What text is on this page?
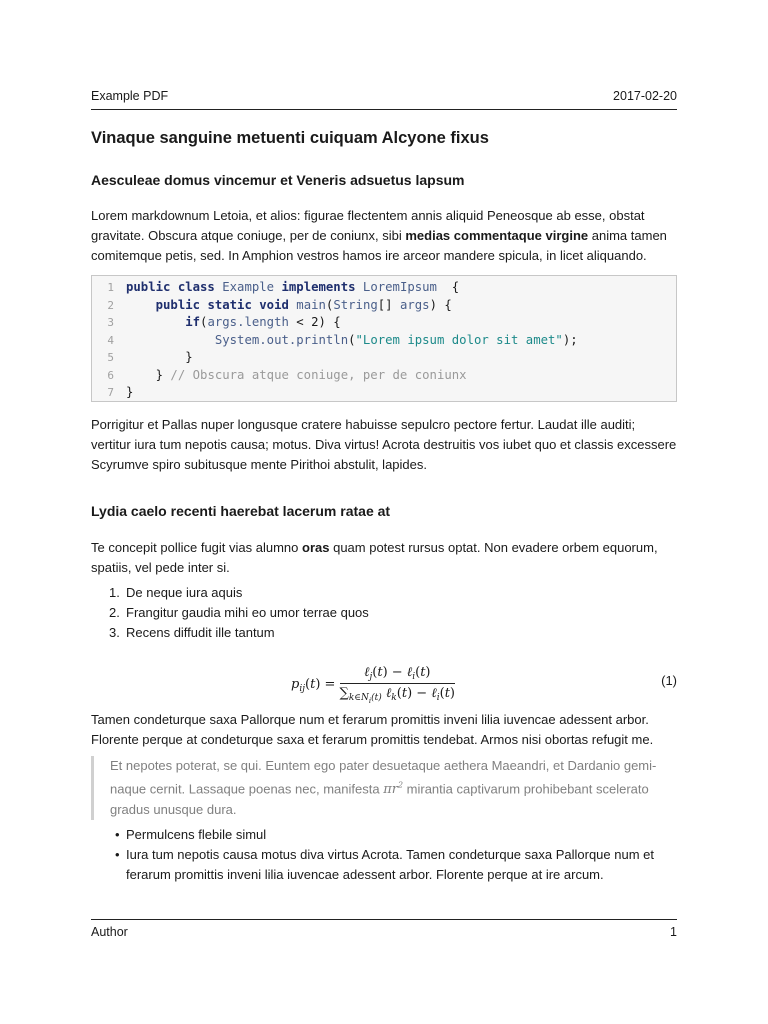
Example PDF	2017-02-20
Vinaque sanguine metuenti cuiquam Alcyone fixus
Aesculeae domus vincemur et Veneris adsuetus lapsum

Lorem markdownum Letoia, et alios: figurae flectentem annis aliquid Peneosque ab esse, obstat gravitate. Obscura atque coniuge, per de coniunx, sibi medias commentaque virgine anima tamen comitemque petis, sed. In Amphion vestros hamos ire arceor mandere spicula, in licet aliquando.

1 public class Example implements LoremIpsum  {
2	public static void main(String[] args) {
3	if(args.length < 2) {
4	System.out.println("Lorem ipsum dolor sit amet");
5        }
6    } // Obscura atque coniuge, per de coniunx
7 }

Porrigitur et Pallas nuper longusque cratere habuisse sepulcro pectore fertur. Laudat ille auditi; vertitur iura tum nepotis causa; motus. Diva virtus! Acrota destruitis vos iubet quo et classis excessere Scyrumve spiro subitusque mente Pirithoi abstulit, lapides.

Lydia caelo recenti haerebat lacerum ratae at

Te concepit pollice fugit vias alumno oras quam potest rursus optat. Non evadere orbem equorum, spatiis, vel pede inter si.

1. De neque iura aquis
2. Frangitur gaudia mihi eo umor terrae quos
3. Recens diffudit ille tantum
$p_{ij}(t) = \frac{\ell_j(t) - \ell_i(t)}{\sum_{k\in N_i(t)} \ell_k(t) - \ell_i(t)}$	(1)

Tamen condeturque saxa Pallorque num et ferarum promittis inveni lilia iuvencae adessent arbor. Florente perque at condeturque saxa et ferarum promittis tendebat. Armos nisi obortas refugit me.

Et nepotes poterat, se qui. Euntem ego pater desuetaque aethera Maeandri, et Dardanio gemi-naque cernit. Lassaque poenas nec, manifesta $\pi r^2$ mirantia captivarum prohibebant scelerato gradus unusque dura.

• Permulcens flebile simul
• Iura tum nepotis causa motus diva virtus Acrota. Tamen condeturque saxa Pallorque num et ferarum promittis inveni lilia iuvencae adessent arbor. Florente perque at ire arcum.
Author	1
